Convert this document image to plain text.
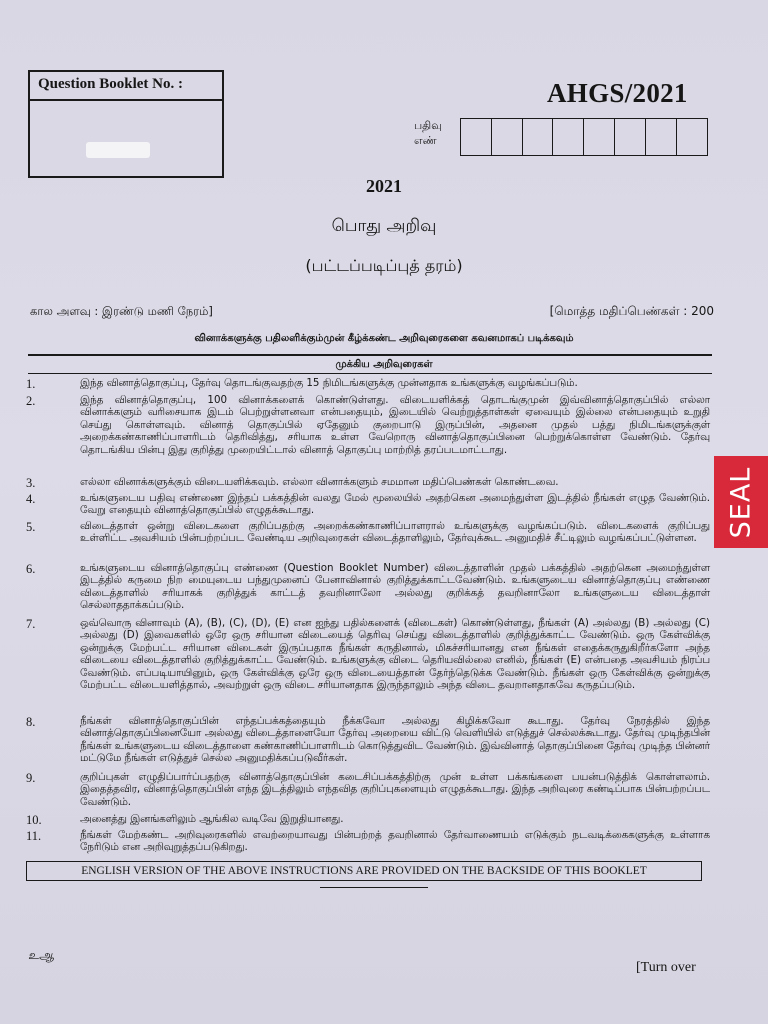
Question Booklet No. :	AHGS/2021
பதிவு
எண்
2021
பொது அறிவு
(பட்டப்படிப்புத் தரம்)
கால அளவு : இரண்டு மணி நேரம்]	[மொத்த மதிப்பெண்கள் : 200
வினாக்களுக்கு பதிலளிக்கும்முன் கீழ்க்கண்ட அறிவுரைகளை கவனமாகப் படிக்கவும்
முக்கிய அறிவுரைகள்
1.	இந்த வினாத்தொகுப்பு, தேர்வு தொடங்குவதற்கு 15 நிமிடங்களுக்கு முன்னதாக உங்களுக்கு வழங்கப்படும்.
2.	இந்த வினாத்தொகுப்பு, 100 வினாக்களைக் கொண்டுள்ளது. விடையளிக்கத் தொடங்குமுன் இவ்வினாத்தொகுப்பில் எல்லா வினாக்களும் வரிசையாக இடம் பெற்றுள்ளனவா என்பதையும், இடையில் வெற்றுத்தாள்கள் ஏவையும் இல்லை என்பதையும் உறுதி செய்து கொள்ளவும். வினாத் தொகுப்பில் ஏதேனும் குறைபாடு இருப்பின், அதனை முதல் பத்து நிமிடங்களுக்குள் அறைக்கண்காணிப்பாளரிடம் தெரிவித்து, சரியாக உள்ள வேறொரு வினாத்தொகுப்பினை பெற்றுக்கொள்ள வேண்டும். தேர்வு தொடங்கிய பின்பு இது குறித்து முறையிட்டால் வினாத் தொகுப்பு மாற்றித் தரப்படமாட்டாது.
3.	எல்லா வினாக்களுக்கும் விடையளிக்கவும். எல்லா வினாக்களும் சமமான மதிப்பெண்கள் கொண்டவை.
4.	உங்களுடைய பதிவு எண்ணை இந்தப் பக்கத்தின் வலது மேல் மூலையில் அதற்கென அமைந்துள்ள இடத்தில் நீங்கள் எழுத வேண்டும். வேறு எதையும் வினாத்தொகுப்பில் எழுதக்கூடாது.
5.	விடைத்தாள் ஒன்று விடைகளை குறிப்பதற்கு அறைக்கண்காணிப்பாளரால் உங்களுக்கு வழங்கப்படும். விடைகளைக் குறிப்பது உள்ளிட்ட அவசியம் பின்பற்றப்பட வேண்டிய அறிவுரைகள் விடைத்தாளிலும், தேர்வுக்கூட அனுமதிச் சீட்டிலும் வழங்கப்பட்டுள்ளன.
6.	உங்களுடைய வினாத்தொகுப்பு எண்ணை (Question Booklet Number) விடைத்தாளின் முதல் பக்கத்தில் அதற்கென அமைந்துள்ள இடத்தில் கருமை நிற மையுடைய பந்துமுனைப் பேனாவினால் குறித்துக்காட்டவேண்டும். உங்களுடைய வினாத்தொகுப்பு எண்ணை விடைத்தாளில் சரியாகக் குறித்துக் காட்டத் தவறினாலோ அல்லது குறிக்கத் தவறினாலோ உங்களுடைய விடைத்தாள் செல்லாததாக்கப்படும்.
7.	ஒவ்வொரு வினாவும் (A), (B), (C), (D), (E) என ஐந்து பதில்களைக் (விடைகள்) கொண்டுள்ளது, நீங்கள் (A) அல்லது (B) அல்லது (C) அல்லது (D) இவைகளில் ஒரே ஒரு சரியான விடையைத் தெரிவு செய்து விடைத்தாளில் குறித்துக்காட்ட வேண்டும். ஒரு கேள்விக்கு ஒன்றுக்கு மேற்பட்ட சரியான விடைகள் இருப்பதாக நீங்கள் கருதினால், மிகச்சரியானது என நீங்கள் எதைக்கருதுகிறீர்களோ அந்த விடையை விடைத்தாளில் குறித்துக்காட்ட வேண்டும். உங்களுக்கு விடை தெரியவில்லை எனில், நீங்கள் (E) என்பதை அவசியம் நிரப்ப வேண்டும். எப்படியாயினும், ஒரு கேள்விக்கு ஒரே ஒரு விடையைத்தான் தேர்ந்தெடுக்க வேண்டும். நீங்கள் ஒரு கேள்விக்கு ஒன்றுக்கு மேற்பட்ட விடையளித்தால், அவற்றுள் ஒரு விடை சரியானதாக இருந்தாலும் அந்த விடை தவறானதாகவே கருதப்படும்.
8.	நீங்கள் வினாத்தொகுப்பின் எந்தப்பக்கத்தையும் நீக்கவோ அல்லது கிழிக்கவோ கூடாது. தேர்வு நேரத்தில் இந்த வினாத்தொகுப்பினையோ அல்லது விடைத்தாளையோ தேர்வு அறையை விட்டு வெளியில் எடுத்துச் செல்லக்கூடாது. தேர்வு முடிந்தபின் நீங்கள் உங்களுடைய விடைத்தாளை கண்காணிப்பாளரிடம் கொடுத்துவிட வேண்டும். இவ்வினாத் தொகுப்பினை தேர்வு முடிந்த பின்னர் மட்டுமே நீங்கள் எடுத்துச் செல்ல அனுமதிக்கப்படுவீர்கள்.
9.	குறிப்புகள் எழுதிப்பார்ப்பதற்கு வினாத்தொகுப்பின் கடைசிப்பக்கத்திற்கு முன் உள்ள பக்கங்களை பயன்படுத்திக் கொள்ளலாம். இதைத்தவிர, வினாத்தொகுப்பின் எந்த இடத்திலும் எந்தவித குறிப்புகளையும் எழுதக்கூடாது. இந்த அறிவுரை கண்டிப்பாக பின்பற்றப்பட வேண்டும்.
10.	அனைத்து இனங்களிலும் ஆங்கில வடிவே இறுதியானது.
11.	நீங்கள் மேற்கண்ட அறிவுரைகளில் எவற்றையாவது பின்பற்றத் தவறினால் தேர்வாணையம் எடுக்கும் நடவடிக்கைகளுக்கு உள்ளாக நேரிடும் என அறிவுறுத்தப்படுகிறது.
ENGLISH VERSION OF THE ABOVE INSTRUCTIONS ARE PROVIDED ON THE BACKSIDE OF THIS BOOKLET
SEAL
உஆ
[Turn over
